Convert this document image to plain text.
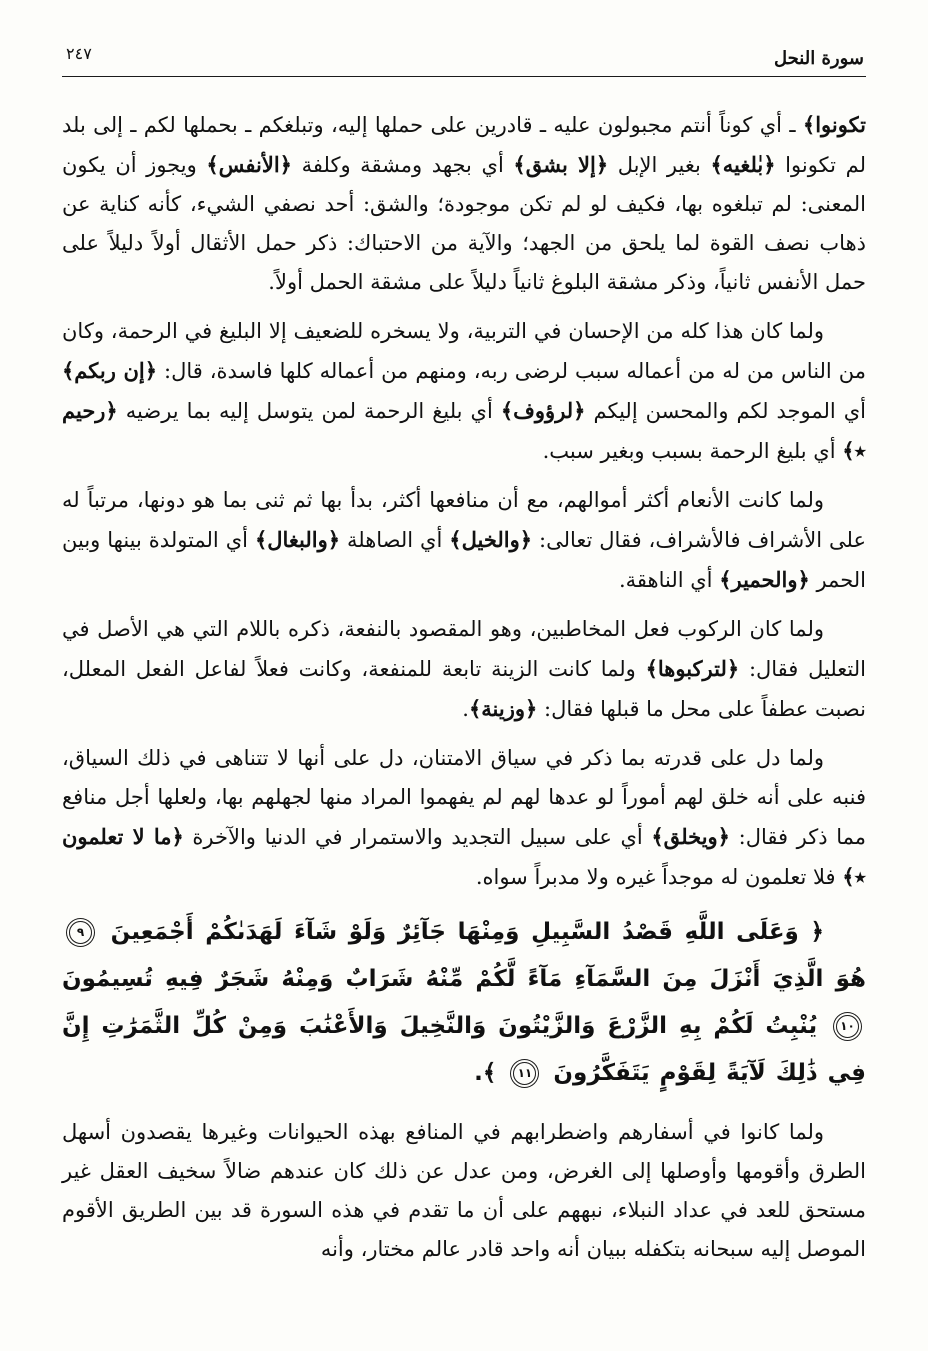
سورة النحل
٢٤٧
تكونوا﴾ ـ أي كوناً أنتم مجبولون عليه ـ قادرين على حملها إليه، وتبلغكم ـ بحملها لكم ـ إلى بلد لم تكونوا ﴿بٰلغيه﴾ بغير الإبل ﴿إلا بشق﴾ أي بجهد ومشقة وكلفة ﴿الأنفس﴾ ويجوز أن يكون المعنى: لم تبلغوه بها، فكيف لو لم تكن موجودة؛ والشق: أحد نصفي الشيء، كأنه كناية عن ذهاب نصف القوة لما يلحق من الجهد؛ والآية من الاحتباك: ذكر حمل الأثقال أولاً دليلاً على حمل الأنفس ثانياً، وذكر مشقة البلوغ ثانياً دليلاً على مشقة الحمل أولاً.
ولما كان هذا كله من الإحسان في التربية، ولا يسخره للضعيف إلا البليغ في الرحمة، وكان من الناس من له من أعماله سبب لرضى ربه، ومنهم من أعماله كلها فاسدة، قال: ﴿إن ربكم﴾ أي الموجد لكم والمحسن إليكم ﴿لرؤوف﴾ أي بليغ الرحمة لمن يتوسل إليه بما يرضيه ﴿رحيم ٭﴾ أي بليغ الرحمة بسبب وبغير سبب.
ولما كانت الأنعام أكثر أموالهم، مع أن منافعها أكثر، بدأ بها ثم ثنى بما هو دونها، مرتباً له على الأشراف فالأشراف، فقال تعالى: ﴿والخيل﴾ أي الصاهلة ﴿والبغال﴾ أي المتولدة بينها وبين الحمر ﴿والحمير﴾ أي الناهقة.
ولما كان الركوب فعل المخاطبين، وهو المقصود بالنفعة، ذكره باللام التي هي الأصل في التعليل فقال: ﴿لتركبوها﴾ ولما كانت الزينة تابعة للمنفعة، وكانت فعلاً لفاعل الفعل المعلل، نصبت عطفاً على محل ما قبلها فقال: ﴿وزينة﴾.
ولما دل على قدرته بما ذكر في سياق الامتنان، دل على أنها لا تتناهى في ذلك السياق، فنبه على أنه خلق لهم أموراً لو عدها لهم لم يفهموا المراد منها لجهلهم بها، ولعلها أجل منافع مما ذكر فقال: ﴿ويخلق﴾ أي على سبيل التجديد والاستمرار في الدنيا والآخرة ﴿ما لا تعلمون ٭﴾ فلا تعلمون له موجداً غيره ولا مدبراً سواه.
﴿ وَعَلَى اللَّهِ قَصْدُ السَّبِيلِ وَمِنْهَا جَآئِرٌ وَلَوْ شَآءَ لَهَدَىٰكُمْ أَجْمَعِينَ ٩ هُوَ الَّذِيَ أَنْزَلَ مِنَ السَّمَآءِ مَآءً لَّكُمْ مِّنْهُ شَرَابٌ وَمِنْهُ شَجَرٌ فِيهِ تُسِيمُونَ ١٠ يُنْبِتُ لَكُمْ بِهِ الزَّرْعَ وَالزَّيْتُونَ وَالنَّخِيلَ وَالأَعْنَٰبَ وَمِنْ كُلِّ الثَّمَرَٰتِ إِنَّ فِي ذَٰلِكَ لَآيَةً لِقَوْمٍ يَتَفَكَّرُونَ ١١ ﴾.
ولما كانوا في أسفارهم واضطرابهم في المنافع بهذه الحيوانات وغيرها يقصدون أسهل الطرق وأقومها وأوصلها إلى الغرض، ومن عدل عن ذلك كان عندهم ضالاً سخيف العقل غير مستحق للعد في عداد النبلاء، نبههم على أن ما تقدم في هذه السورة قد بين الطريق الأقوم الموصل إليه سبحانه بتكفله ببيان أنه واحد قادر عالم مختار، وأنه
